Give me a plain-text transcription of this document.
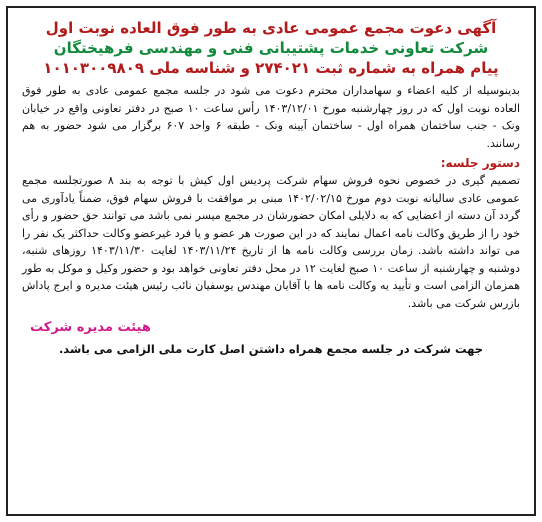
آگهی دعوت مجمع عمومی عادی به طور فوق العاده نوبت اول

شرکت تعاونی خدمات پشتیبانی فنی و مهندسی فرهیختگان

پیام همراه به شماره ثبت ۲۷۴۰۲۱ و شناسه ملی ۱۰۱۰۳۰۰۹۸۰۹

بدینوسیله از کلیه اعضاء و سهامداران محترم دعوت می شود در جلسه مجمع عمومی عادی به طور فوق العاده نوبت اول که در روز چهارشنبه مورخ ۱۴۰۳/۱۲/۰۱ رأس ساعت ۱۰ صبح در دفتر تعاونی واقع در خیابان ونک - جنب ساختمان همراه اول - ساختمان آیینه ونک - طبقه ۶ واحد ۶۰۷ برگزار می شود حضور به هم رسانند.

دستور جلسه:

تصمیم گیری در خصوص نحوه فروش سهام شرکت پردیس اول کیش با توجه به بند ۸ صورتجلسه مجمع عمومی عادی سالیانه نوبت دوم مورخ ۱۴۰۲/۰۲/۱۵ مبنی بر موافقت با فروش سهام فوق، ضمناً یادآوری می گردد آن دسته از اعضایی که به دلایلی امکان حضورشان در مجمع میسر نمی باشد می توانند حق حضور و رأی خود را از طریق وکالت نامه اعمال نمایند که در این صورت هر عضو و یا فرد غیرعضو وکالت حداکثر یک نفر را می تواند داشته باشد. زمان بررسی وکالت نامه ها از تاریخ ۱۴۰۳/۱۱/۲۴ لغایت ۱۴۰۳/۱۱/۳۰ روزهای شنبه، دوشنبه و چهارشنبه از ساعت ۱۰ صبح لغایت ۱۲ در محل دفتر تعاونی خواهد بود و حضور وکیل و موکل به طور همزمان الزامی است و تأیید یه وکالت نامه ها با آقایان مهندس یوسفیان نائب رئیس هیئت مدیره و ایرج پاداش بازرس شرکت می باشد.

هیئت مدیره شرکت

جهت شرکت در جلسه مجمع همراه داشتن اصل کارت ملی الزامی می باشد.
